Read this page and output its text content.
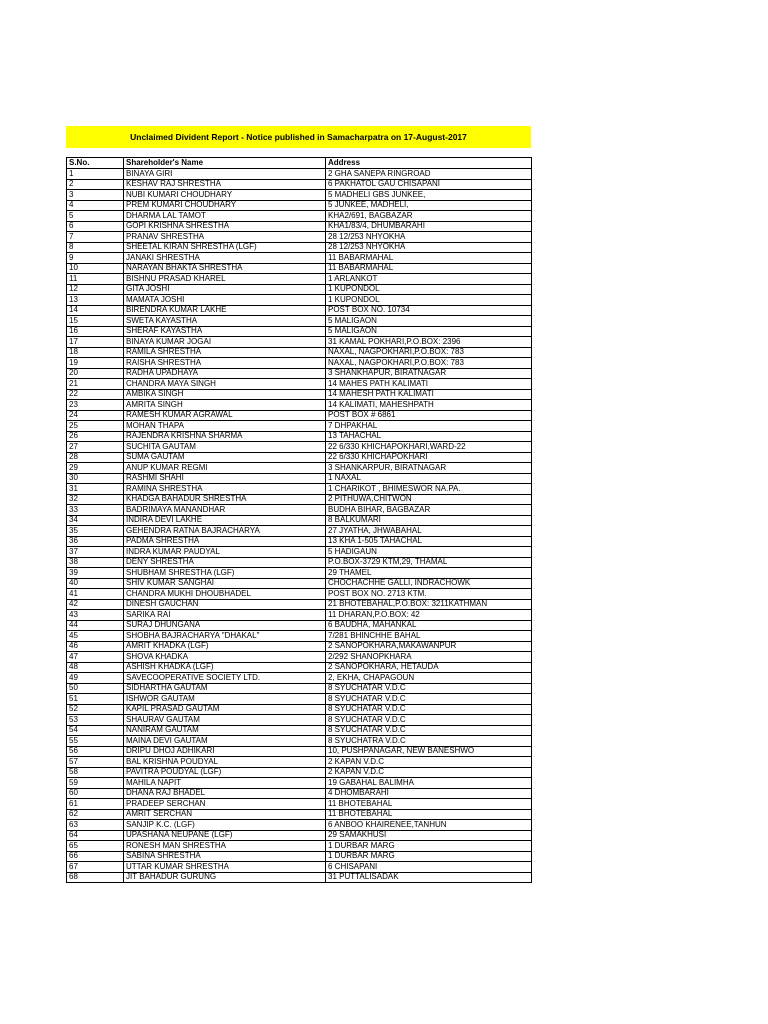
Unclaimed Divident Report - Notice published in Samacharpatra on 17-August-2017
S.No.	Shareholder's Name	Address
1	BINAYA GIRI	2 GHA SANEPA RINGROAD
2	KESHAV RAJ SHRESTHA	6 PAKHATOL GAU CHISAPANI
3	NUBI KUMARI CHOUDHARY	5 MADHELI GBS JUNKEE,
4	PREM KUMARI CHOUDHARY	5 JUNKEE, MADHELI,
5	DHARMA LAL TAMOT	KHA2/691, BAGBAZAR
6	GOPI KRISHNA SHRESTHA	KHA1/83/4, DHUMBARAHI
7	PRANAV SHRESTHA	28 12/253 NHYOKHA
8	SHEETAL KIRAN SHRESTHA (LGF)	28 12/253 NHYOKHA
9	JANAKI SHRESTHA	11 BABARMAHAL
10	NARAYAN BHAKTA SHRESTHA	11 BABARMAHAL
11	BISHNU PRASAD KHAREL	1 ARLANKOT
12	GITA JOSHI	1 KUPONDOL
13	MAMATA JOSHI	1 KUPONDOL
14	BIRENDRA KUMAR LAKHE	POST BOX NO. 10734
15	SWETA KAYASTHA	5 MALIGAON
16	SHERAF KAYASTHA	5 MALIGAON
17	BINAYA KUMAR JOGAI	31 KAMAL POKHARI,P.O.BOX: 2396
18	RAMILA SHRESTHA	NAXAL, NAGPOKHARI,P.O.BOX: 783
19	RAISHA SHRESTHA	NAXAL, NAGPOKHARI,P.O.BOX: 783
20	RADHA UPADHAYA	3 SHANKHAPUR, BIRATNAGAR
21	CHANDRA MAYA SINGH	14 MAHES PATH KALIMATI
22	AMBIKA SINGH	14 MAHESH PATH KALIMATI
23	AMRITA SINGH	14 KALIMATI, MAHESHPATH
24	RAMESH KUMAR AGRAWAL	POST BOX # 6861
25	MOHAN THAPA	7 DHPAKHAL
26	RAJENDRA KRISHNA SHARMA	13 TAHACHAL
27	SUCHITA GAUTAM	22 6/330 KHICHAPOKHARI,WARD-22
28	SUMA GAUTAM	22 6/330 KHICHAPOKHARI
29	ANUP KUMAR REGMI	3 SHANKARPUR, BIRATNAGAR
30	RASHMI SHAHI	1 NAXAL
31	RAMINA SHRESTHA	1 CHARIKOT , BHIMESWOR NA.PA.
32	KHADGA BAHADUR SHRESTHA	2 PITHUWA,CHITWON
33	BADRIMAYA MANANDHAR	BUDHA BIHAR, BAGBAZAR
34	INDIRA DEVI LAKHE	8 BALKUMARI
35	GEHENDRA RATNA BAJRACHARYA	27 JYATHA, JHWABAHAL
36	PADMA SHRESTHA	13 KHA 1-505 TAHACHAL
37	INDRA KUMAR PAUDYAL	5 HADIGAUN
38	DENY SHRESTHA	P.O.BOX-3729 KTM,29, THAMAL
39	SHUBHAM SHRESTHA (LGF)	29 THAMEL
40	SHIV KUMAR SANGHAI	CHOCHACHHE GALLI, INDRACHOWK
41	CHANDRA MUKHI DHOUBHADEL	POST BOX NO. 2713 KTM.
42	DINESH GAUCHAN	21 BHOTEBAHAL,P.O.BOX: 3211KATHMAN
43	SARIKA RAI	11 DHARAN,P.O.BOX: 42
44	SURAJ DHUNGANA	6 BAUDHA, MAHANKAL
45	SHOBHA BAJRACHARYA "DHAKAL"	7/281 BHINCHHE BAHAL
46	AMRIT KHADKA (LGF)	2 SANOPOKHARA,MAKAWANPUR
47	SHOVA KHADKA	2/292 SHANOPKHARA
48	ASHISH KHADKA (LGF)	2 SANOPOKHARA, HETAUDA
49	SAVECOOPERATIVE SOCIETY LTD.	2, EKHA, CHAPAGOUN
50	SIDHARTHA GAUTAM	8 SYUCHATAR V.D.C
51	ISHWOR GAUTAM	8 SYUCHATAR V.D.C
52	KAPIL PRASAD GAUTAM	8 SYUCHATAR V.D.C
53	SHAURAV GAUTAM	8 SYUCHATAR V.D.C
54	NANIRAM GAUTAM	8 SYUCHATAR V.D.C
55	MAINA DEVI GAUTAM	8 SYUCHATRA V.D.C
56	DRIPU DHOJ ADHIKARI	10, PUSHPANAGAR, NEW BANESHWO
57	BAL KRISHNA POUDYAL	2 KAPAN V.D.C
58	PAVITRA POUDYAL (LGF)	2 KAPAN V.D.C
59	MAHILA NAPIT	19 GABAHAL BALIMHA
60	DHANA RAJ BHADEL	4 DHOMBARAHI
61	PRADEEP SERCHAN	11 BHOTEBAHAL
62	AMRIT SERCHAN	11 BHOTEBAHAL
63	SANJIP K.C. (LGF)	6 ANBOO KHAIRENEE,TANHUN
64	UPASHANA NEUPANE (LGF)	29 SAMAKHUSI
65	RONESH MAN SHRESTHA	1 DURBAR MARG
66	SABINA SHRESTHA	1 DURBAR MARG
67	UTTAR KUMAR SHRESTHA	6 CHISAPANI
68	JIT BAHADUR GURUNG	31 PUTTALISADAK
